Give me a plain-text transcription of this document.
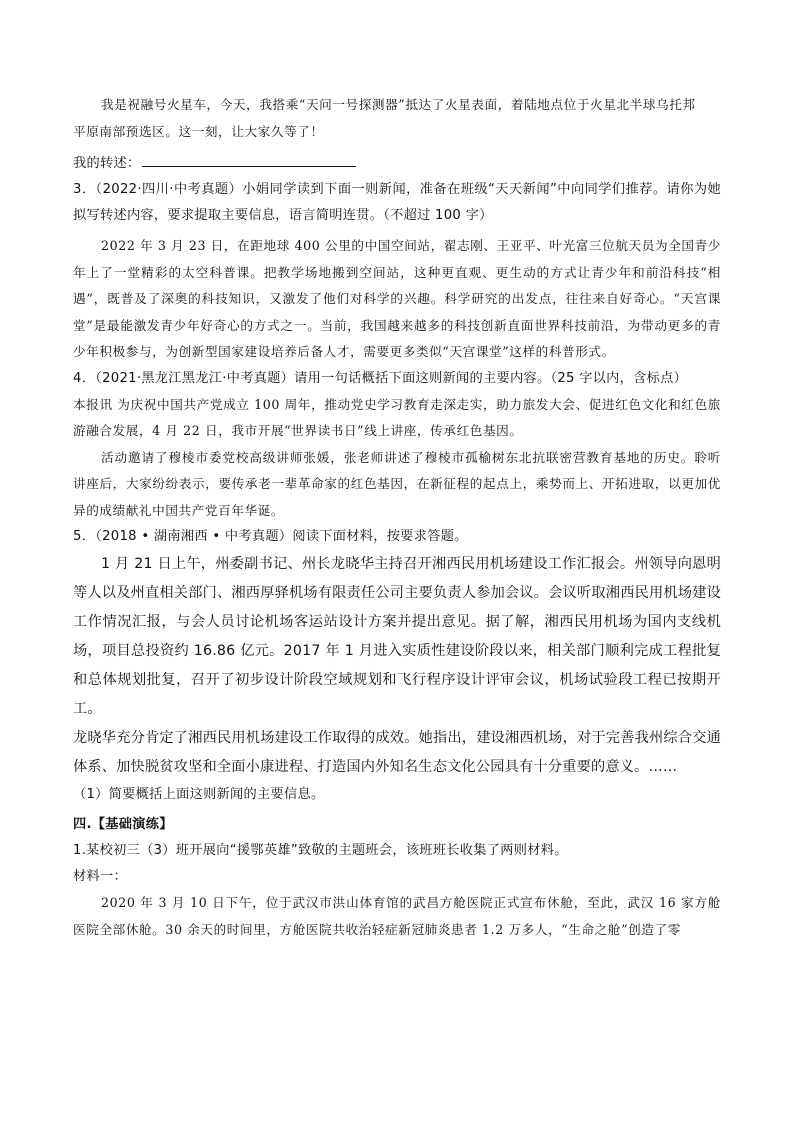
我是祝融号火星车，今天，我搭乘“天问一号探测器”抵达了火星表面，着陆地点位于火星北半球乌托邦

平原南部预选区。这一刻，让大家久等了！

我的转述：

3．（2022·四川·中考真题）小娟同学读到下面一则新闻，准备在班级“天天新闻”中向同学们推荐。请你为她拟写转述内容，要求提取主要信息，语言简明连贯。（不超过 100 字）

2022 年 3 月 23 日，在距地球 400 公里的中国空间站，翟志刚、王亚平、叶光富三位航天员为全国青少年上了一堂精彩的太空科普课。把教学场地搬到空间站，这种更直观、更生动的方式让青少年和前沿科技“相遇”，既普及了深奥的科技知识，又激发了他们对科学的兴趣。科学研究的出发点，往往来自好奇心。“天宫课堂”是最能激发青少年好奇心的方式之一。当前，我国越来越多的科技创新直面世界科技前沿，为带动更多的青少年积极参与，为创新型国家建设培养后备人才，需要更多类似“天宫课堂”这样的科普形式。

4．（2021·黑龙江黑龙江·中考真题）请用一句话概括下面这则新闻的主要内容。（25 字以内，含标点）

本报讯 为庆祝中国共产党成立 100 周年，推动党史学习教育走深走实，助力旅发大会、促进红色文化和红色旅游融合发展，4 月 22 日，我市开展“世界读书日”线上讲座，传承红色基因。

活动邀请了穆棱市委党校高级讲师张媛，张老师讲述了穆棱市孤榆树东北抗联密营教育基地的历史。聆听讲座后，大家纷纷表示，要传承老一辈革命家的红色基因，在新征程的起点上，乘势而上、开拓进取，以更加优异的成绩献礼中国共产党百年华诞。

5．（2018 • 湖南湘西 • 中考真题）阅读下面材料，按要求答题。

1 月 21 日上午，州委副书记、州长龙晓华主持召开湘西民用机场建设工作汇报会。州领导向恩明等人以及州直相关部门、湘西厚驿机场有限责任公司主要负责人参加会议。会议听取湘西民用机场建设工作情况汇报，与会人员讨论机场客运站设计方案并提出意见。据了解，湘西民用机场为国内支线机场，项目总投资约 16.86 亿元。2017 年 1 月进入实质性建设阶段以来，相关部门顺利完成工程批复和总体规划批复，召开了初步设计阶段空域规划和飞行程序设计评审会议，机场试验段工程已按期开工。

龙晓华充分肯定了湘西民用机场建设工作取得的成效。她指出，建设湘西机场，对于完善我州综合交通体系、加快脱贫攻坚和全面小康进程、打造国内外知名生态文化公园具有十分重要的意义。……

（1）简要概括上面这则新闻的主要信息。

四.【基础演练】

1.某校初三（3）班开展向“援鄂英雄”致敬的主题班会，该班班长收集了两则材料。

材料一：

2020 年 3 月 10 日下午，位于武汉市洪山体育馆的武昌方舱医院正式宣布休舱，至此，武汉 16 家方舱医院全部休舱。30 余天的时间里，方舱医院共收治轻症新冠肺炎患者 1.2 万多人，“生命之舱”创造了零
